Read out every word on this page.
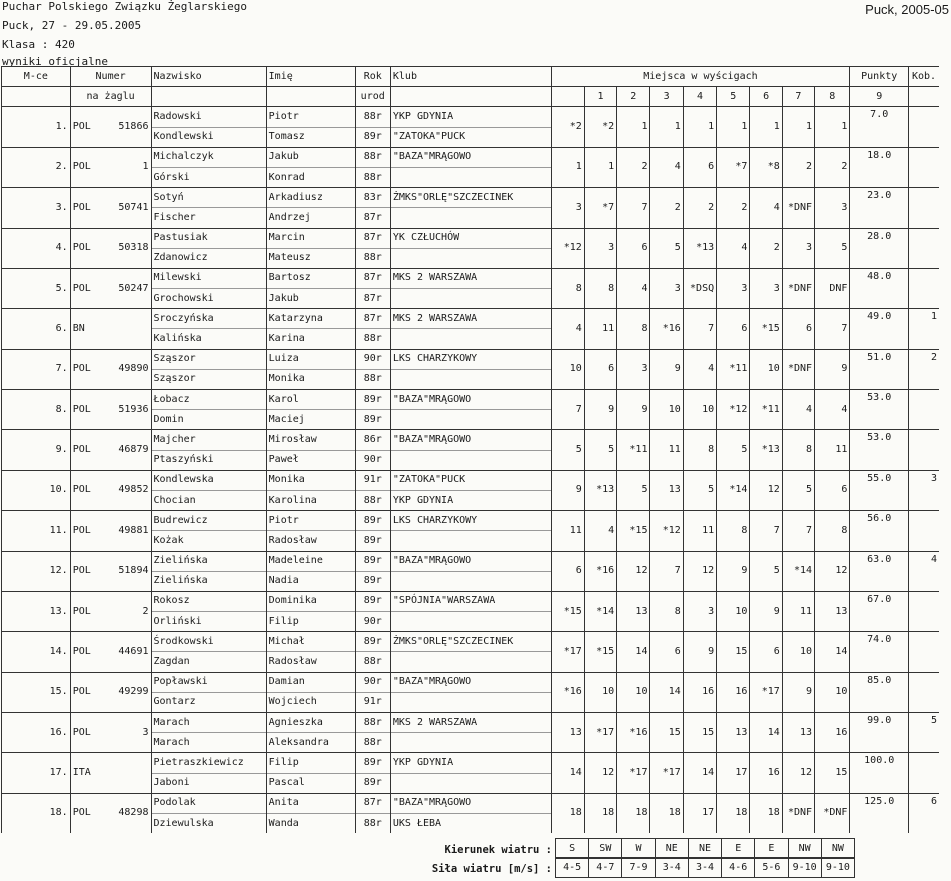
Puchar Polskiego Związku Żeglarskiego
Puck, 27 - 29.05.2005
Klasa : 420
wyniki oficjalne
Puck, 2005-05
M-ce	Numer		Nazwisko	Imię	Rok	Klub	Miejsca w wyścigach									Punkty	Kob.
	na żaglu				urod			1	2	3	4	5	6	7	8	9	
1.	POL	51866	Radowski	Piotr	88r	YKP GDYNIA	*2	*2	1	1	1	1	1	1	1	7.0	
			Kondlewski	Tomasz	89r	"ZATOKA"PUCK											
2.	POL	1	Michalczyk	Jakub	88r	"BAZA"MRĄGOWO	1	1	2	4	6	*7	*8	2	2	18.0	
			Górski	Konrad	88r												
3.	POL	50741	Sotyń	Arkadiusz	83r	ŻMKS"ORLĘ"SZCZECINEK	3	*7	7	2	2	2	4	*DNF	3	23.0	
			Fischer	Andrzej	87r												
4.	POL	50318	Pastusiak	Marcin	87r	YK CZŁUCHÓW	*12	3	6	5	*13	4	2	3	5	28.0	
			Zdanowicz	Mateusz	88r												
5.	POL	50247	Milewski	Bartosz	87r	MKS 2 WARSZAWA	8	8	4	3	*DSQ	3	3	*DNF	DNF	48.0	
			Grochowski	Jakub	87r												
6.	BN		Sroczyńska	Katarzyna	87r	MKS 2 WARSZAWA	4	11	8	*16	7	6	*15	6	7	49.0	1
			Kalińska	Karina	88r												
7.	POL	49890	Sząszor	Luiza	90r	LKS CHARZYKOWY	10	6	3	9	4	*11	10	*DNF	9	51.0	2
			Sząszor	Monika	88r												
8.	POL	51936	Łobacz	Karol	89r	"BAZA"MRĄGOWO	7	9	9	10	10	*12	*11	4	4	53.0	
			Domin	Maciej	89r												
9.	POL	46879	Majcher	Mirosław	86r	"BAZA"MRĄGOWO	5	5	*11	11	8	5	*13	8	11	53.0	
			Ptaszyński	Paweł	90r												
10.	POL	49852	Kondlewska	Monika	91r	"ZATOKA"PUCK	9	*13	5	13	5	*14	12	5	6	55.0	3
			Chocian	Karolina	88r	YKP GDYNIA											
11.	POL	49881	Budrewicz	Piotr	89r	LKS CHARZYKOWY	11	4	*15	*12	11	8	7	7	8	56.0	
			Kożak	Radosław	89r												
12.	POL	51894	Zielińska	Madeleine	89r	"BAZA"MRĄGOWO	6	*16	12	7	12	9	5	*14	12	63.0	4
			Zielińska	Nadia	89r												
13.	POL	2	Rokosz	Dominika	89r	"SPÓJNIA"WARSZAWA	*15	*14	13	8	3	10	9	11	13	67.0	
			Orliński	Filip	90r												
14.	POL	44691	Środkowski	Michał	89r	ŻMKS"ORLĘ"SZCZECINEK	*17	*15	14	6	9	15	6	10	14	74.0	
			Zagdan	Radosław	88r												
15.	POL	49299	Popławski	Damian	90r	"BAZA"MRĄGOWO	*16	10	10	14	16	16	*17	9	10	85.0	
			Gontarz	Wojciech	91r												
16.	POL	3	Marach	Agnieszka	88r	MKS 2 WARSZAWA	13	*17	*16	15	15	13	14	13	16	99.0	5
			Marach	Aleksandra	88r												
17.	ITA		Pietraszkiewicz	Filip	89r	YKP GDYNIA	14	12	*17	*17	14	17	16	12	15	100.0	
			Jaboni	Pascal	89r												
18.	POL	48298	Podolak	Anita	87r	"BAZA"MRĄGOWO	18	18	18	18	17	18	18	*DNF	*DNF	125.0	6
			Dziewulska	Wanda	88r	UKS ŁEBA											
Kierunek wiatru : S	SW	W	NE	NE	E	E	NW	NW
Siła wiatru [m/s] : 4-5	4-7	7-9	3-4	3-4	4-6	5-6	9-10	9-10
